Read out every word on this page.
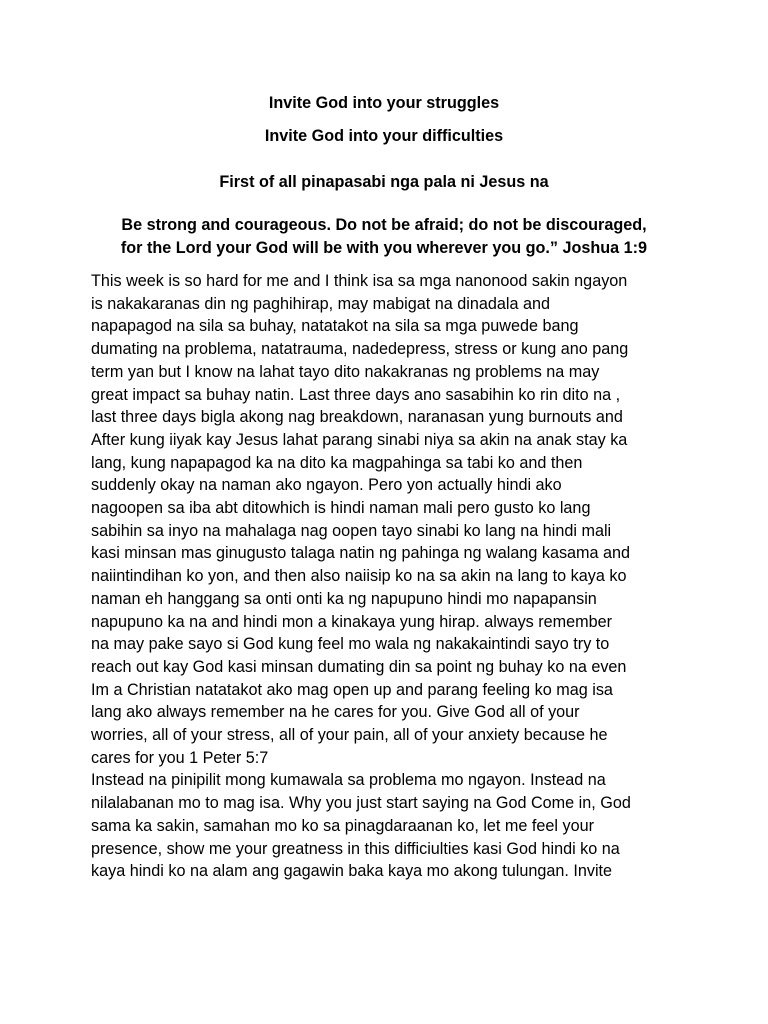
Invite God into your struggles

Invite God into your difficulties

First of all pinapasabi nga pala ni Jesus na

Be strong and courageous. Do not be afraid; do not be discouraged,
for the Lord your God will be with you wherever you go.” Joshua 1:9

This week is so hard for me and I think isa sa mga nanonood sakin ngayon
is nakakaranas din ng paghihirap, may mabigat na dinadala and
napapagod na sila sa buhay, natatakot na sila sa mga puwede bang
dumating na problema, natatrauma, nadedepress, stress or kung ano pang
term yan but I know na lahat tayo dito nakakranas ng problems na may
great impact sa buhay natin. Last three days ano sasabihin ko rin dito na ,
last three days bigla akong nag breakdown, naranasan yung burnouts and
After kung iiyak kay Jesus lahat parang sinabi niya sa akin na anak stay ka
lang, kung napapagod ka na dito ka magpahinga sa tabi ko and then
suddenly okay na naman ako ngayon. Pero yon actually hindi ako
nagoopen sa iba abt ditowhich is hindi naman mali pero gusto ko lang
sabihin sa inyo na mahalaga nag oopen tayo sinabi ko lang na hindi mali
kasi minsan mas ginugusto talaga natin ng pahinga ng walang kasama and
naiintindihan ko yon, and then also naiisip ko na sa akin na lang to kaya ko
naman eh hanggang sa onti onti ka ng napupuno hindi mo napapansin
napupuno ka na and hindi mon a kinakaya yung hirap. always remember
na may pake sayo si God kung feel mo wala ng nakakaintindi sayo try to
reach out kay God kasi minsan dumating din sa point ng buhay ko na even
Im a Christian natatakot ako mag open up and parang feeling ko mag isa
lang ako always remember na he cares for you. Give God all of your
worries, all of your stress, all of your pain, all of your anxiety because he
cares for you 1 Peter 5:7
Instead na pinipilit mong kumawala sa problema mo ngayon. Instead na
nilalabanan mo to mag isa. Why you just start saying na God Come in, God
sama ka sakin, samahan mo ko sa pinagdaraanan ko, let me feel your
presence, show me your greatness in this difficiulties kasi God hindi ko na
kaya hindi ko na alam ang gagawin baka kaya mo akong tulungan. Invite
